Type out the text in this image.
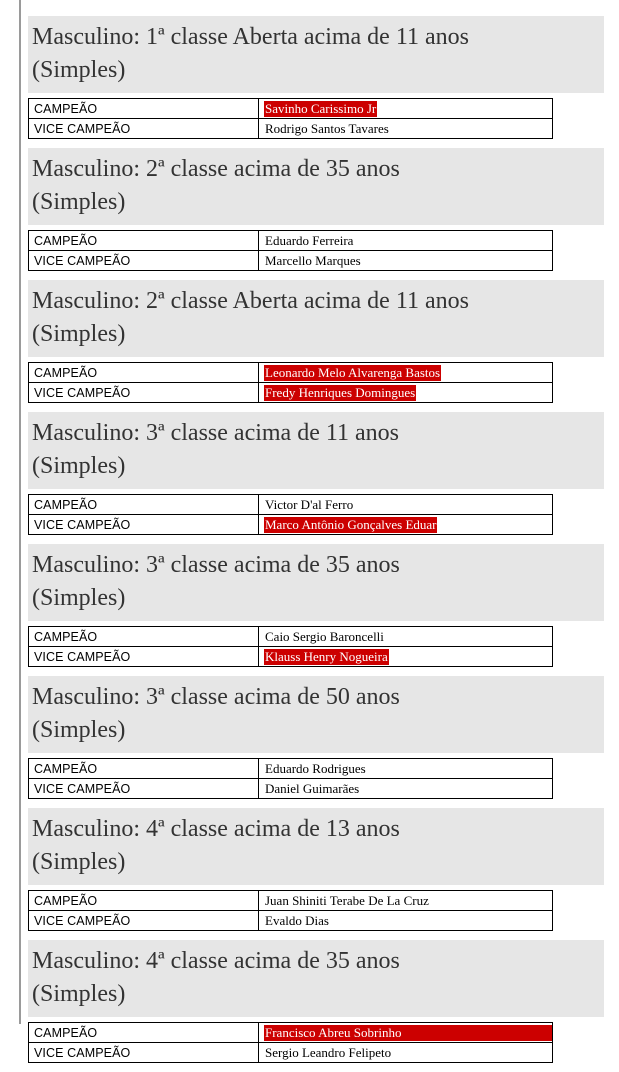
Masculino: 1ª classe Aberta acima de 11 anos
(Simples)
CAMPEÃO	Savinho Carissimo Jr
VICE CAMPEÃO	Rodrigo Santos Tavares
Masculino: 2ª classe acima de 35 anos
(Simples)
CAMPEÃO	Eduardo Ferreira
VICE CAMPEÃO	Marcello Marques
Masculino: 2ª classe Aberta acima de 11 anos
(Simples)
CAMPEÃO	Leonardo Melo Alvarenga Bastos
VICE CAMPEÃO	Fredy Henriques Domingues
Masculino: 3ª classe acima de 11 anos
(Simples)
CAMPEÃO	Victor D'al Ferro
VICE CAMPEÃO	Marco Antônio Gonçalves Eduar
Masculino: 3ª classe acima de 35 anos
(Simples)
CAMPEÃO	Caio Sergio Baroncelli
VICE CAMPEÃO	Klauss Henry Nogueira
Masculino: 3ª classe acima de 50 anos
(Simples)
CAMPEÃO	Eduardo Rodrigues
VICE CAMPEÃO	Daniel Guimarães
Masculino: 4ª classe acima de 13 anos
(Simples)
CAMPEÃO	Juan Shiniti Terabe De La Cruz
VICE CAMPEÃO	Evaldo Dias
Masculino: 4ª classe acima de 35 anos
(Simples)
CAMPEÃO	Francisco Abreu Sobrinho

VICE CAMPEÃO	Sergio Leandro Felipeto
